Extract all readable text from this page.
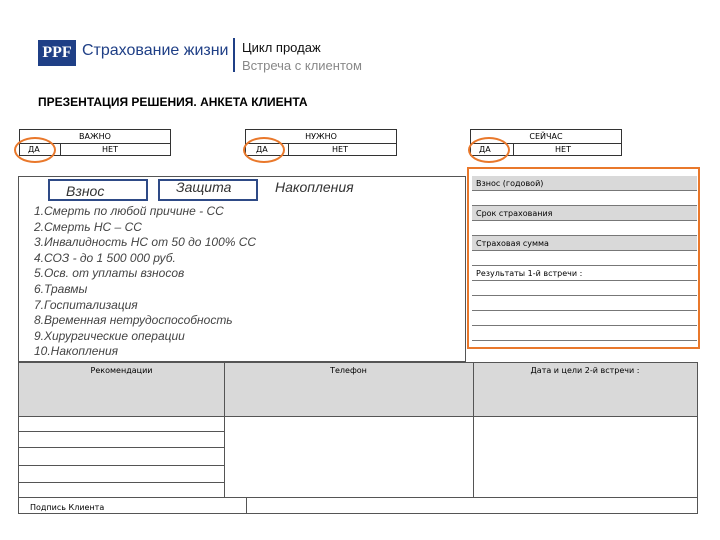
PPF Страхование жизни Цикл продаж
Встреча с клиентом
ПРЕЗЕНТАЦИЯ РЕШЕНИЯ. АНКЕТА КЛИЕНТА
ВАЖНО
ДА	НЕТ
НУЖНО
ДА	НЕТ
СЕЙЧАС
ДА	НЕТ
Взнос	Защита	Накопления
1.Смерть по любой причине - СС
2.Смерть НС – СС
3.Инвалидность НС от 50 до 100% СС
4.СОЗ - до 1 500 000 руб.
5.Осв. от уплаты взносов
6.Травмы
7.Госпитализация
8.Временная нетрудоспособность
9.Хирургические операции
10.Накопления
Взнос (годовой)
Срок страхования
Страховая сумма
Результаты 1-й встречи :
Рекомендации	Телефон	Дата и цели 2-й встречи :
Подпись Клиента
